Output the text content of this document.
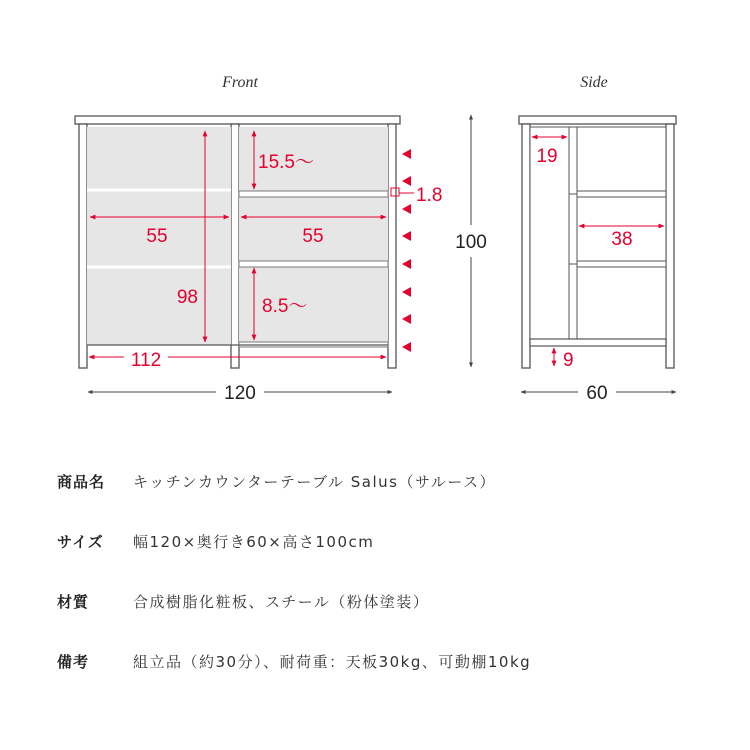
Front	Side
15.5〜
1.8
55	55
98	8.5〜
112
120
100
19
38
9
60
商品名	キッチンカウンターテーブル Salus（サルース）
サイズ	幅120×奥行き60×高さ100cm
材質	合成樹脂化粧板、スチール（粉体塗装）
備考	組立品（約30分）、耐荷重：天板30kg、可動棚10kg
